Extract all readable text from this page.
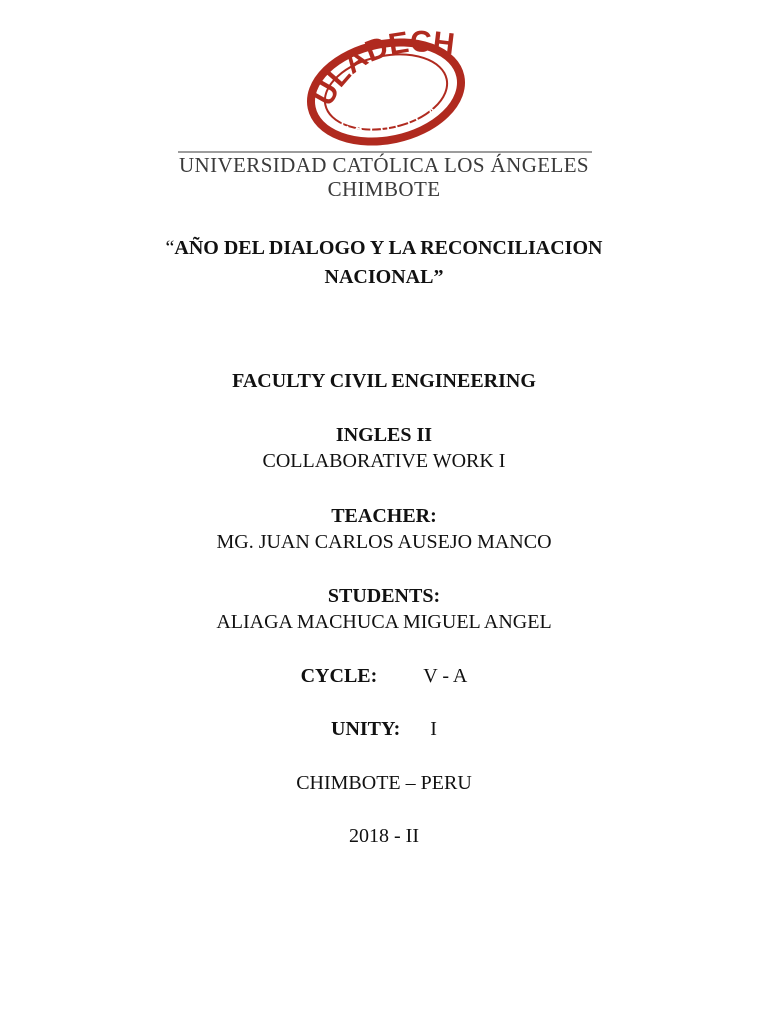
ULADECH
CATÓLICA
UNIVERSIDAD CATÓLICA LOS ÁNGELES
CHIMBOTE
“AÑO DEL DIALOGO Y LA RECONCILIACION
NACIONAL”
FACULTY CIVIL ENGINEERING
INGLES II
COLLABORATIVE WORK I
TEACHER:
MG. JUAN CARLOS AUSEJO MANCO
STUDENTS:
ALIAGA MACHUCA MIGUEL ANGEL
CYCLE: V - A
UNITY: I
CHIMBOTE – PERU
2018 - II
